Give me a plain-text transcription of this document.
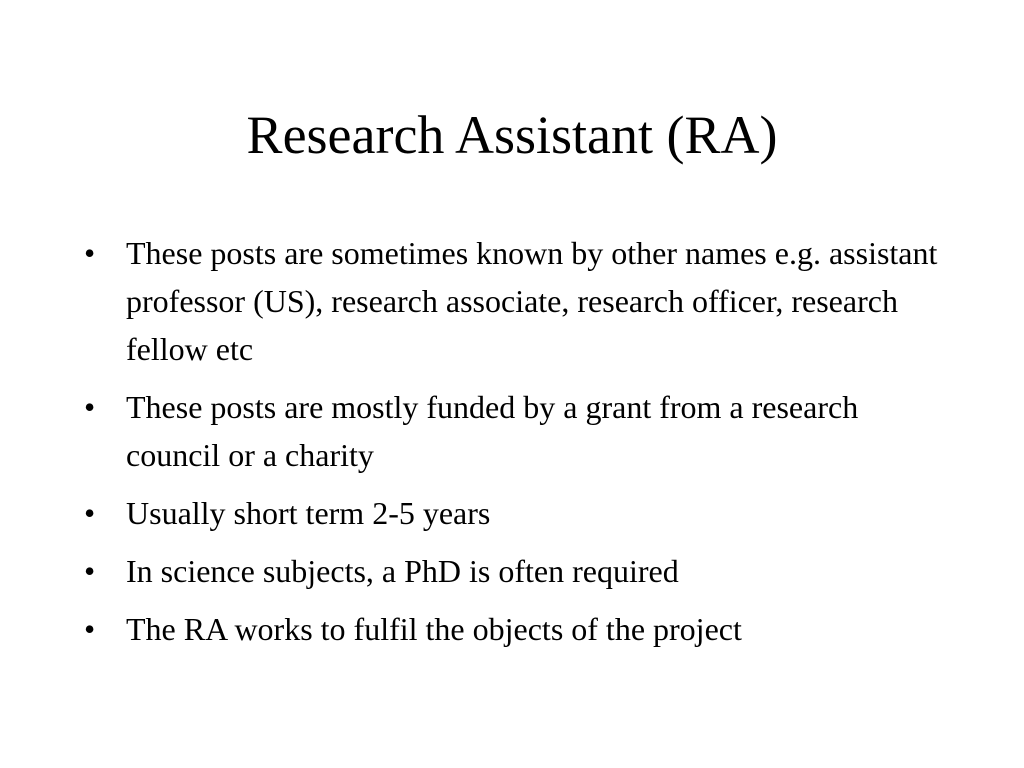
Research Assistant (RA)
• These posts are sometimes known by other names e.g. assistant professor (US), research associate, research officer, research fellow etc
• These posts are mostly funded by a grant from a research council or a charity
• Usually short term 2-5 years
• In science subjects, a PhD is often required
• The RA works to fulfil the objects of the project
